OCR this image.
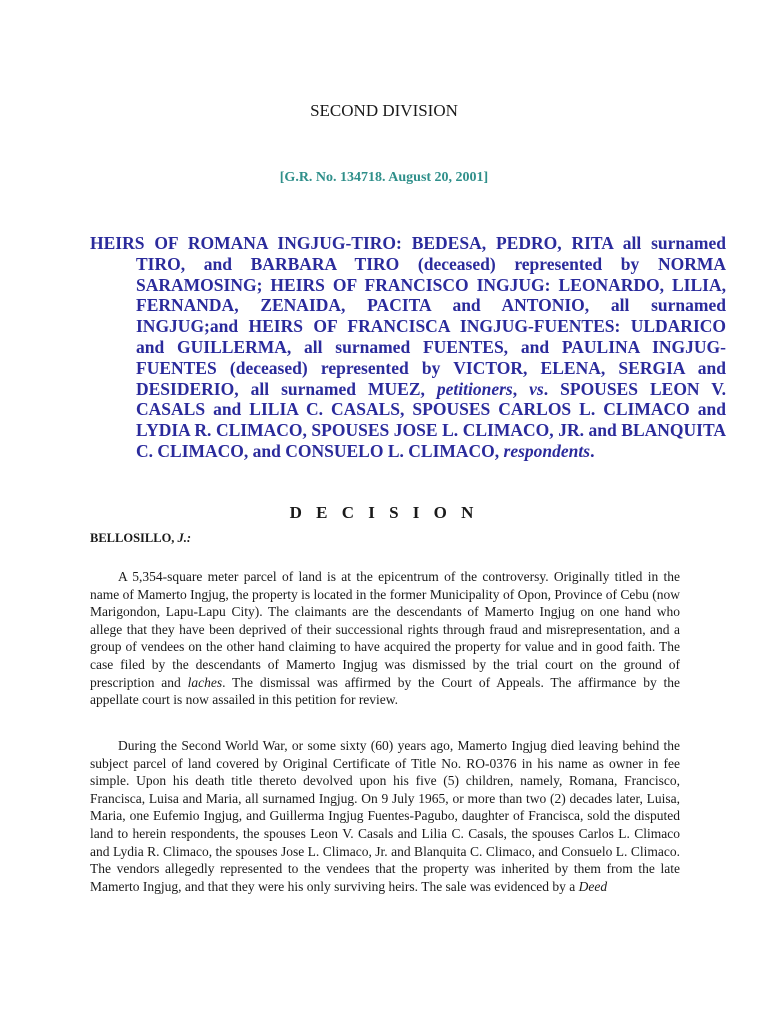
SECOND DIVISION
[G.R. No. 134718. August 20, 2001]
HEIRS OF ROMANA INGJUG-TIRO: BEDESA, PEDRO, RITA all surnamed TIRO, and BARBARA TIRO (deceased) represented by NORMA SARAMOSING; HEIRS OF FRANCISCO INGJUG: LEONARDO, LILIA, FERNANDA, ZENAIDA, PACITA and ANTONIO, all surnamed INGJUG;and HEIRS OF FRANCISCA INGJUG-FUENTES: ULDARICO and GUILLERMA, all surnamed FUENTES, and PAULINA INGJUG-FUENTES (deceased) represented by VICTOR, ELENA, SERGIA and DESIDERIO, all surnamed MUEZ, petitioners, vs. SPOUSES LEON V. CASALS and LILIA C. CASALS, SPOUSES CARLOS L. CLIMACO and LYDIA R. CLIMACO, SPOUSES JOSE L. CLIMACO, JR. and BLANQUITA C. CLIMACO, and CONSUELO L. CLIMACO, respondents.
D E C I S I O N
BELLOSILLO, J.:

A 5,354-square meter parcel of land is at the epicentrum of the controversy. Originally titled in the name of Mamerto Ingjug, the property is located in the former Municipality of Opon, Province of Cebu (now Marigondon, Lapu-Lapu City). The claimants are the descendants of Mamerto Ingjug on one hand who allege that they have been deprived of their successional rights through fraud and misrepresentation, and a group of vendees on the other hand claiming to have acquired the property for value and in good faith. The case filed by the descendants of Mamerto Ingjug was dismissed by the trial court on the ground of prescription and laches. The dismissal was affirmed by the Court of Appeals. The affirmance by the appellate court is now assailed in this petition for review.

During the Second World War, or some sixty (60) years ago, Mamerto Ingjug died leaving behind the subject parcel of land covered by Original Certificate of Title No. RO-0376 in his name as owner in fee simple. Upon his death title thereto devolved upon his five (5) children, namely, Romana, Francisco, Francisca, Luisa and Maria, all surnamed Ingjug. On 9 July 1965, or more than two (2) decades later, Luisa, Maria, one Eufemio Ingjug, and Guillerma Ingjug Fuentes-Pagubo, daughter of Francisca, sold the disputed land to herein respondents, the spouses Leon V. Casals and Lilia C. Casals, the spouses Carlos L. Climaco and Lydia R. Climaco, the spouses Jose L. Climaco, Jr. and Blanquita C. Climaco, and Consuelo L. Climaco. The vendors allegedly represented to the vendees that the property was inherited by them from the late Mamerto Ingjug, and that they were his only surviving heirs. The sale was evidenced by a Deed
